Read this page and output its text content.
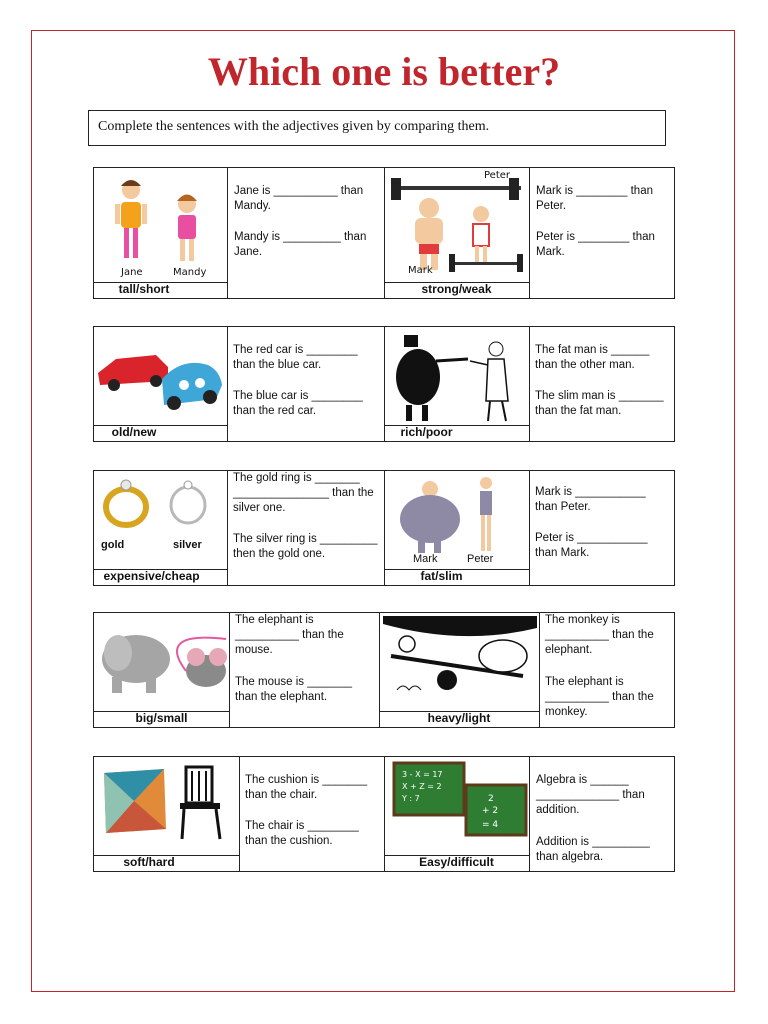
Which one is better?
Complete the sentences with the adjectives given by comparing them.
Jane	Mandy
tall/short
Jane is __________ than Mandy.
Mandy is _________ than Jane.
Peter
Mark
strong/weak
Mark is ________ than Peter.
Peter is ________ than Mark.
old/new
The red car is ________ than the blue car.
The blue car is ________ than the red car.
rich/poor
The fat man is ______ than the other man.
The slim man is _______ than the fat man.
gold	silver
expensive/cheap
The gold ring is _______ _______________ than the silver one.
The silver ring is _________ then the gold one.	Mark	Peter
fat/slim
Mark is ___________ than Peter.
Peter is ___________ than Mark.
big/small
The elephant is __________ than the mouse.
The mouse is _______ than the elephant.
heavy/light
The monkey is __________ than the elephant.
The elephant is __________ than the monkey.
soft/hard
The cushion is _______ than the chair.
The chair is ________ than the cushion.
3 - X = 17
X + Z = 2
Y : 7	2
+ 2
= 4
Easy/difficult
Algebra is ______ _____________ than addition.
Addition is _________ than algebra.
